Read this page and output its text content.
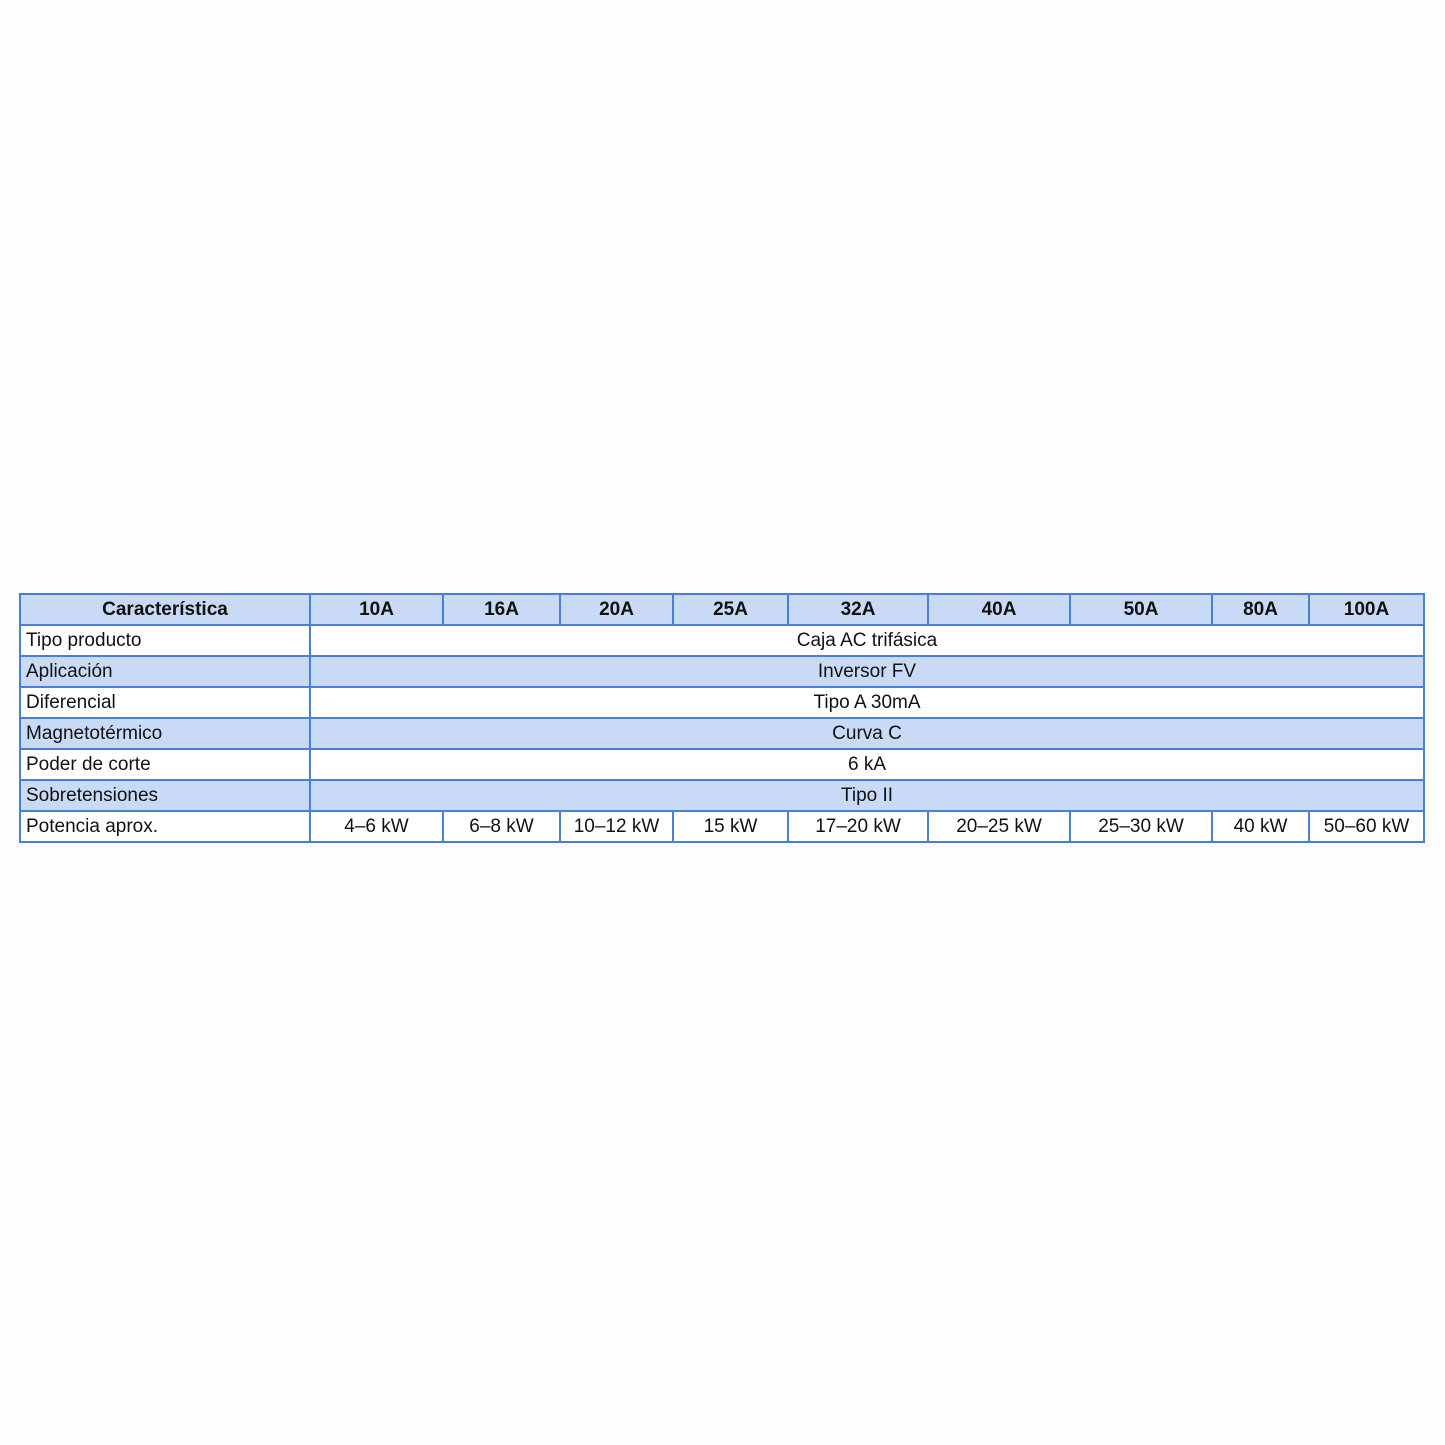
Característica	10A	16A	20A	25A	32A	40A	50A	80A	100A
Tipo producto	Caja AC trifásica								
Aplicación	Inversor FV								
Diferencial	Tipo A 30mA								
Magnetotérmico	Curva C								
Poder de corte	6 kA								
Sobretensiones	Tipo II								
Potencia aprox.	4–6 kW	6–8 kW	10–12 kW	15 kW	17–20 kW	20–25 kW	25–30 kW	40 kW	50–60 kW
